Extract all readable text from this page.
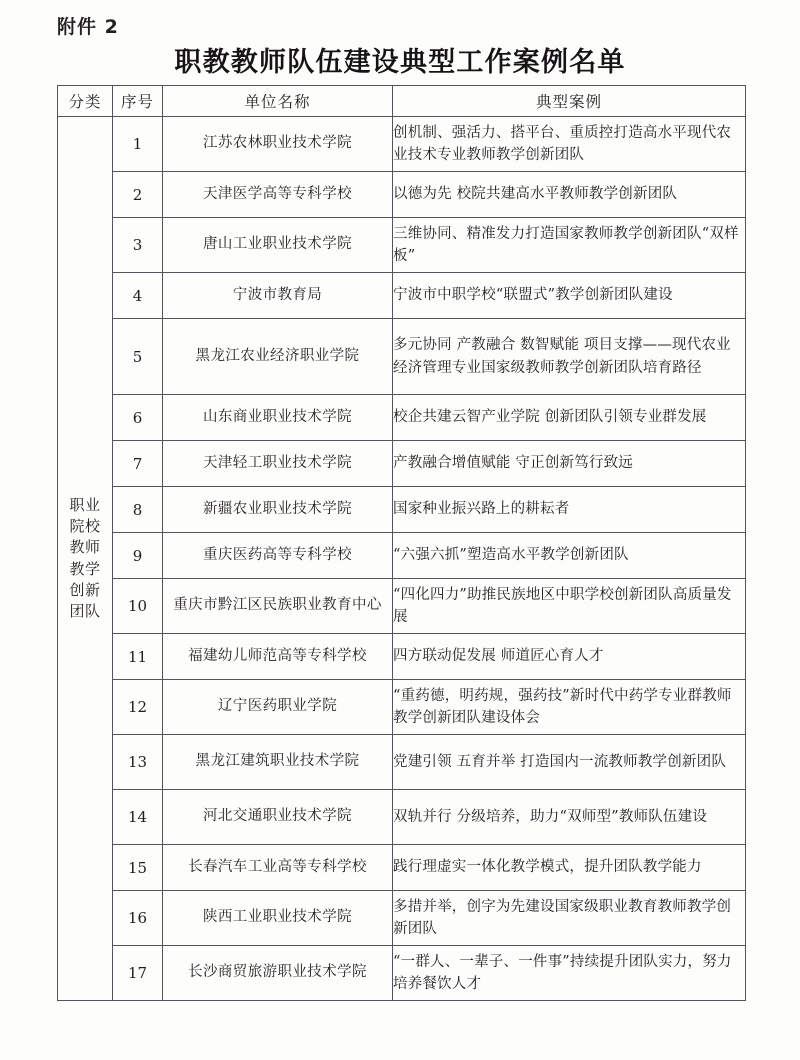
附件 2
职教教师队伍建设典型工作案例名单
分类	序号	单位名称	典型案例

职业
院校
教师
教学
创新
团队
	1	江苏农林职业技术学院	创机制、强活力、搭平台、重质控打造高水平现代农业技术专业教师教学创新团队
	2	天津医学高等专科学校	以德为先 校院共建高水平教师教学创新团队
	3	唐山工业职业技术学院	三维协同、精准发力打造国家教师教学创新团队“双样板”
	4	宁波市教育局	宁波市中职学校“联盟式”教学创新团队建设
	5	黑龙江农业经济职业学院	多元协同 产教融合 数智赋能 项目支撑——现代农业经济管理专业国家级教师教学创新团队培育路径
	6	山东商业职业技术学院	校企共建云智产业学院 创新团队引领专业群发展
	7	天津轻工职业技术学院	产教融合增值赋能 守正创新笃行致远
	8	新疆农业职业技术学院	国家种业振兴路上的耕耘者
	9	重庆医药高等专科学校	“六强六抓”塑造高水平教学创新团队
	10	重庆市黔江区民族职业教育中心	“四化四力”助推民族地区中职学校创新团队高质量发展
	11	福建幼儿师范高等专科学校	四方联动促发展 师道匠心育人才
	12	辽宁医药职业学院	“重药德，明药规，强药技”新时代中药学专业群教师教学创新团队建设体会
	13	黑龙江建筑职业技术学院	党建引领 五育并举 打造国内一流教师教学创新团队
	14	河北交通职业技术学院	双轨并行 分级培养，助力“双师型”教师队伍建设
	15	长春汽车工业高等专科学校	践行理虚实一体化教学模式，提升团队教学能力
	16	陕西工业职业技术学院	多措并举，创字为先建设国家级职业教育教师教学创新团队
	17	长沙商贸旅游职业技术学院	“一群人、一辈子、一件事”持续提升团队实力，努力培养餐饮人才
